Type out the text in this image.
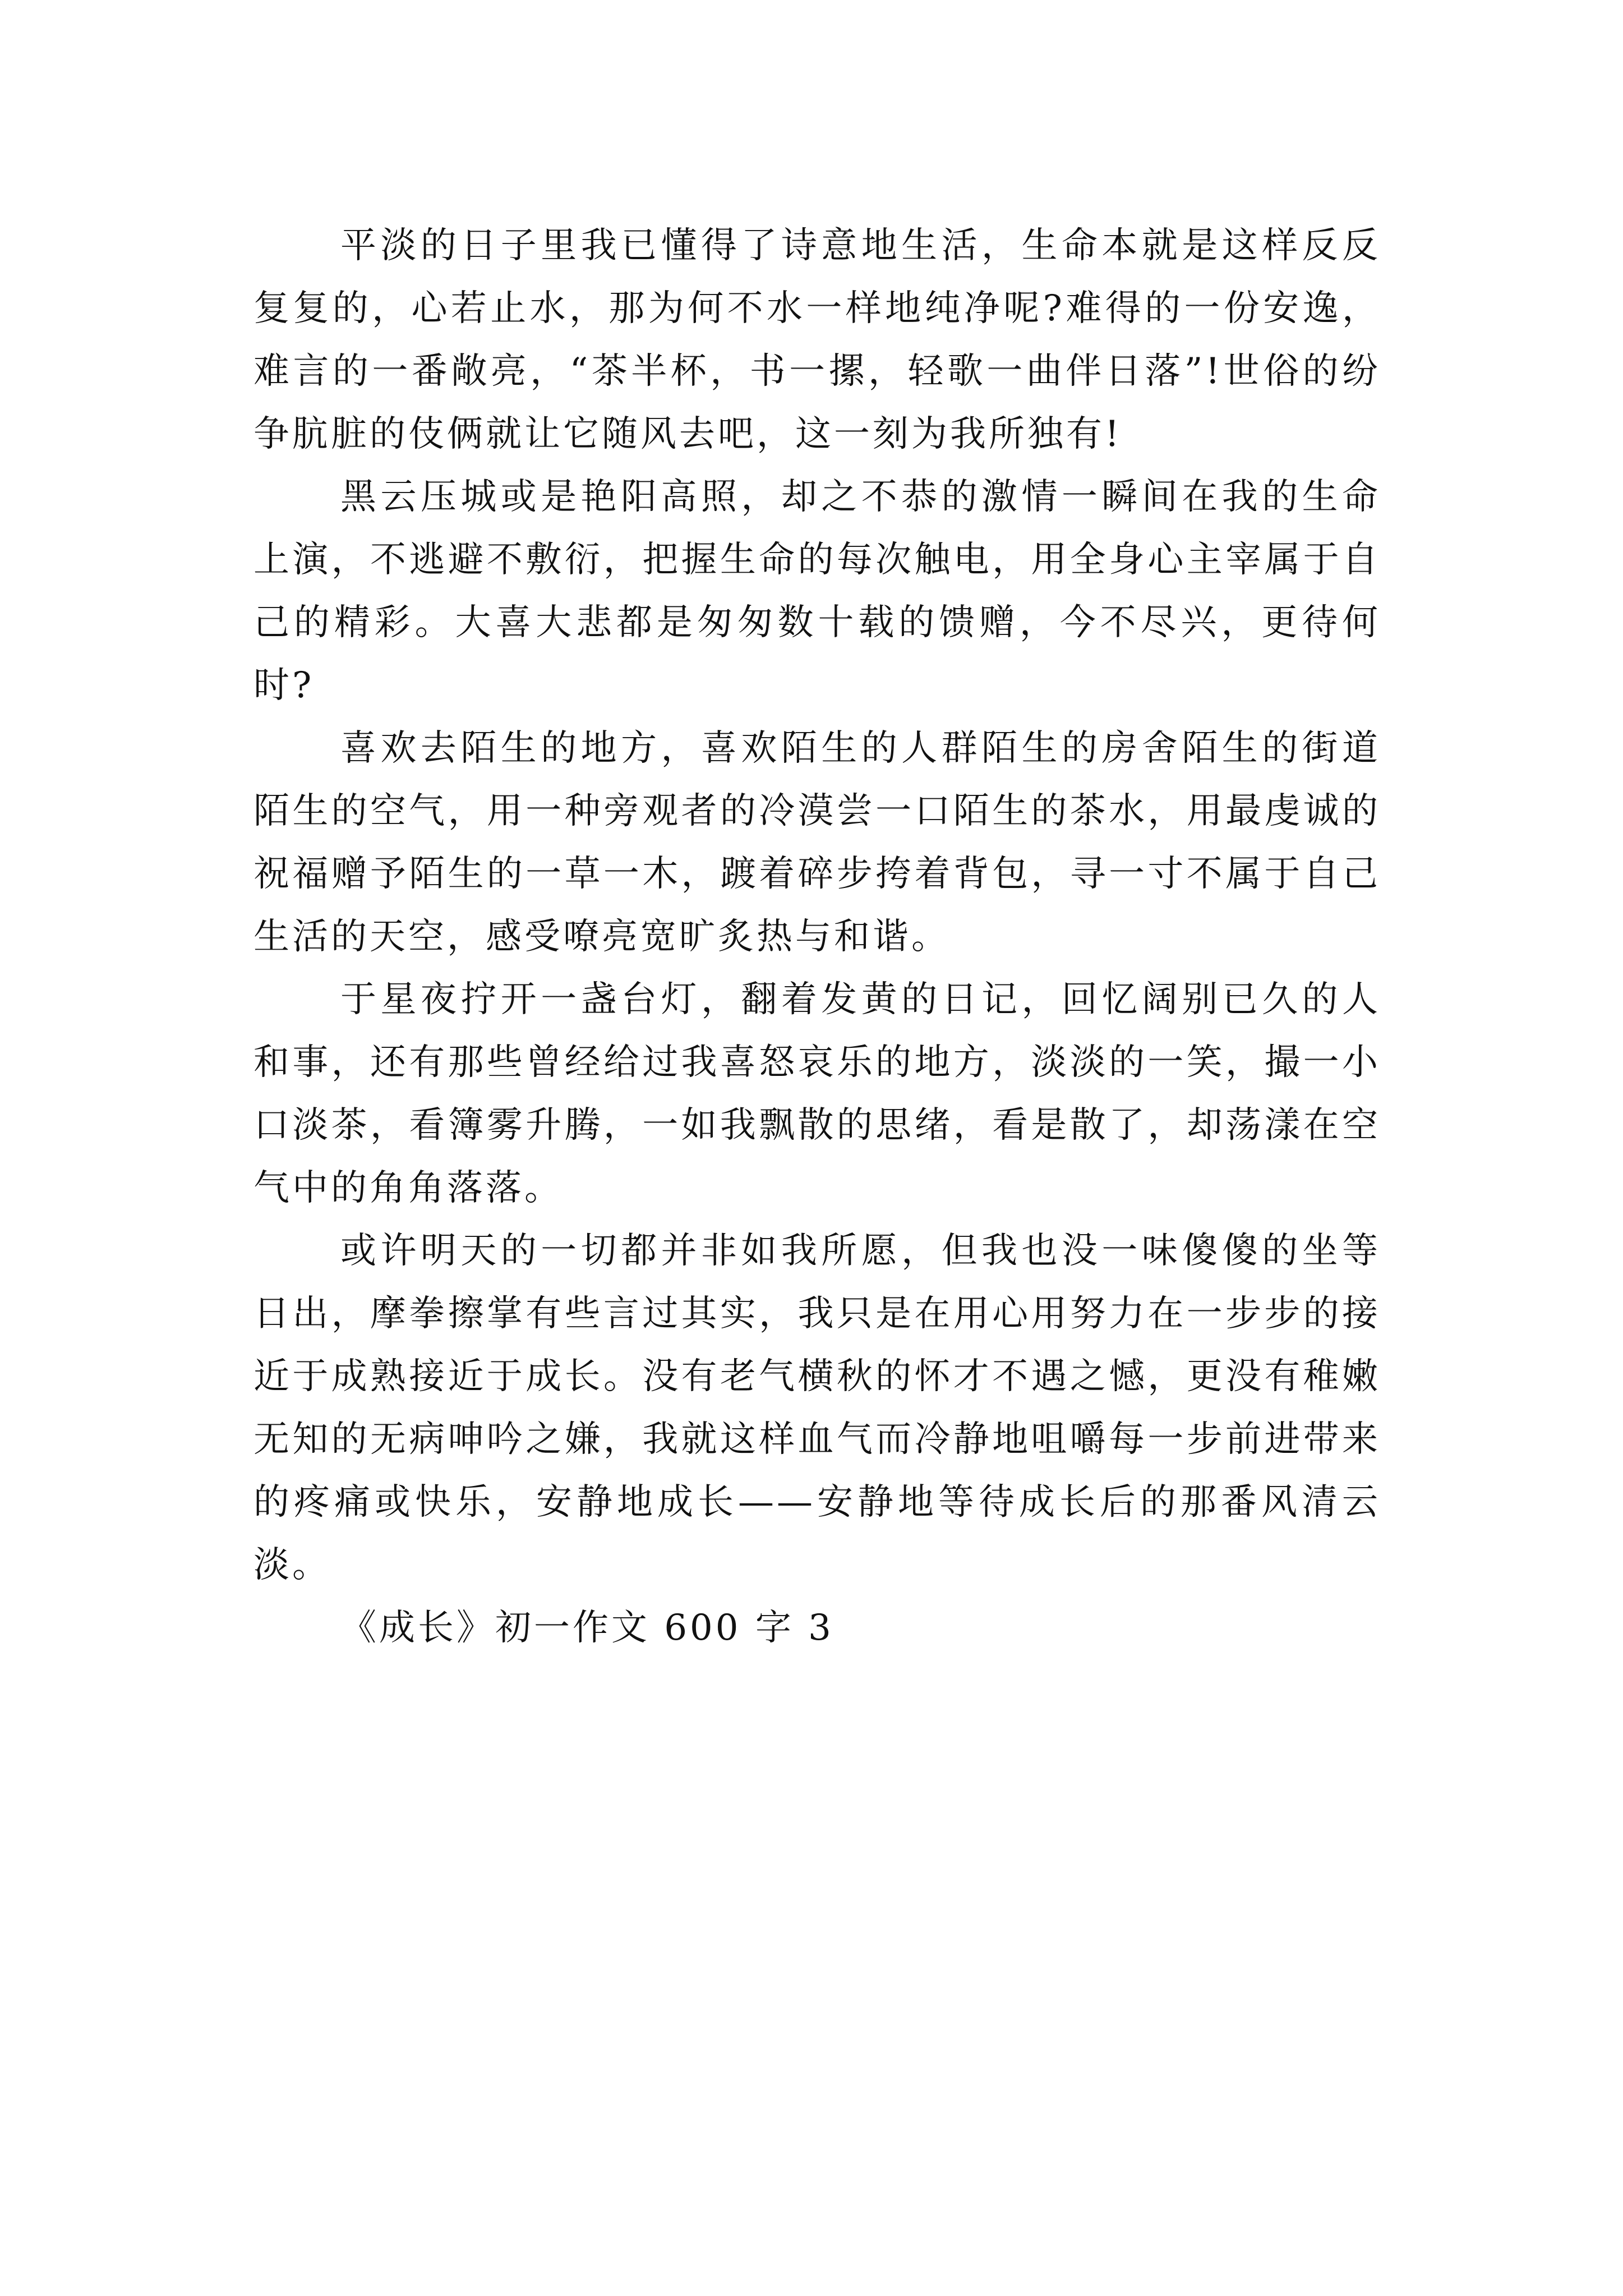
平淡的日子里我已懂得了诗意地生活，生命本就是这样反反复复的，心若止水，那为何不水一样地纯净呢?难得的一份安逸，难言的一番敞亮，“茶半杯，书一摞，轻歌一曲伴日落”!世俗的纷争肮脏的伎俩就让它随风去吧，这一刻为我所独有!

黑云压城或是艳阳高照，却之不恭的激情一瞬间在我的生命上演，不逃避不敷衍，把握生命的每次触电，用全身心主宰属于自己的精彩。大喜大悲都是匆匆数十载的馈赠，今不尽兴，更待何时?

喜欢去陌生的地方，喜欢陌生的人群陌生的房舍陌生的街道陌生的空气，用一种旁观者的冷漠尝一口陌生的茶水，用最虔诚的祝福赠予陌生的一草一木，踱着碎步挎着背包，寻一寸不属于自己生活的天空，感受嘹亮宽旷炙热与和谐。

于星夜拧开一盏台灯，翻着发黄的日记，回忆阔别已久的人和事，还有那些曾经给过我喜怒哀乐的地方，淡淡的一笑，撮一小口淡茶，看簿雾升腾，一如我飘散的思绪，看是散了，却荡漾在空气中的角角落落。

或许明天的一切都并非如我所愿，但我也没一味傻傻的坐等日出，摩拳擦掌有些言过其实，我只是在用心用努力在一步步的接近于成熟接近于成长。没有老气横秋的怀才不遇之憾，更没有稚嫩无知的无病呻吟之嫌，我就这样血气而冷静地咀嚼每一步前进带来的疼痛或快乐，安静地成长——安静地等待成长后的那番风清云淡。

《成长》初一作文 600 字 3
